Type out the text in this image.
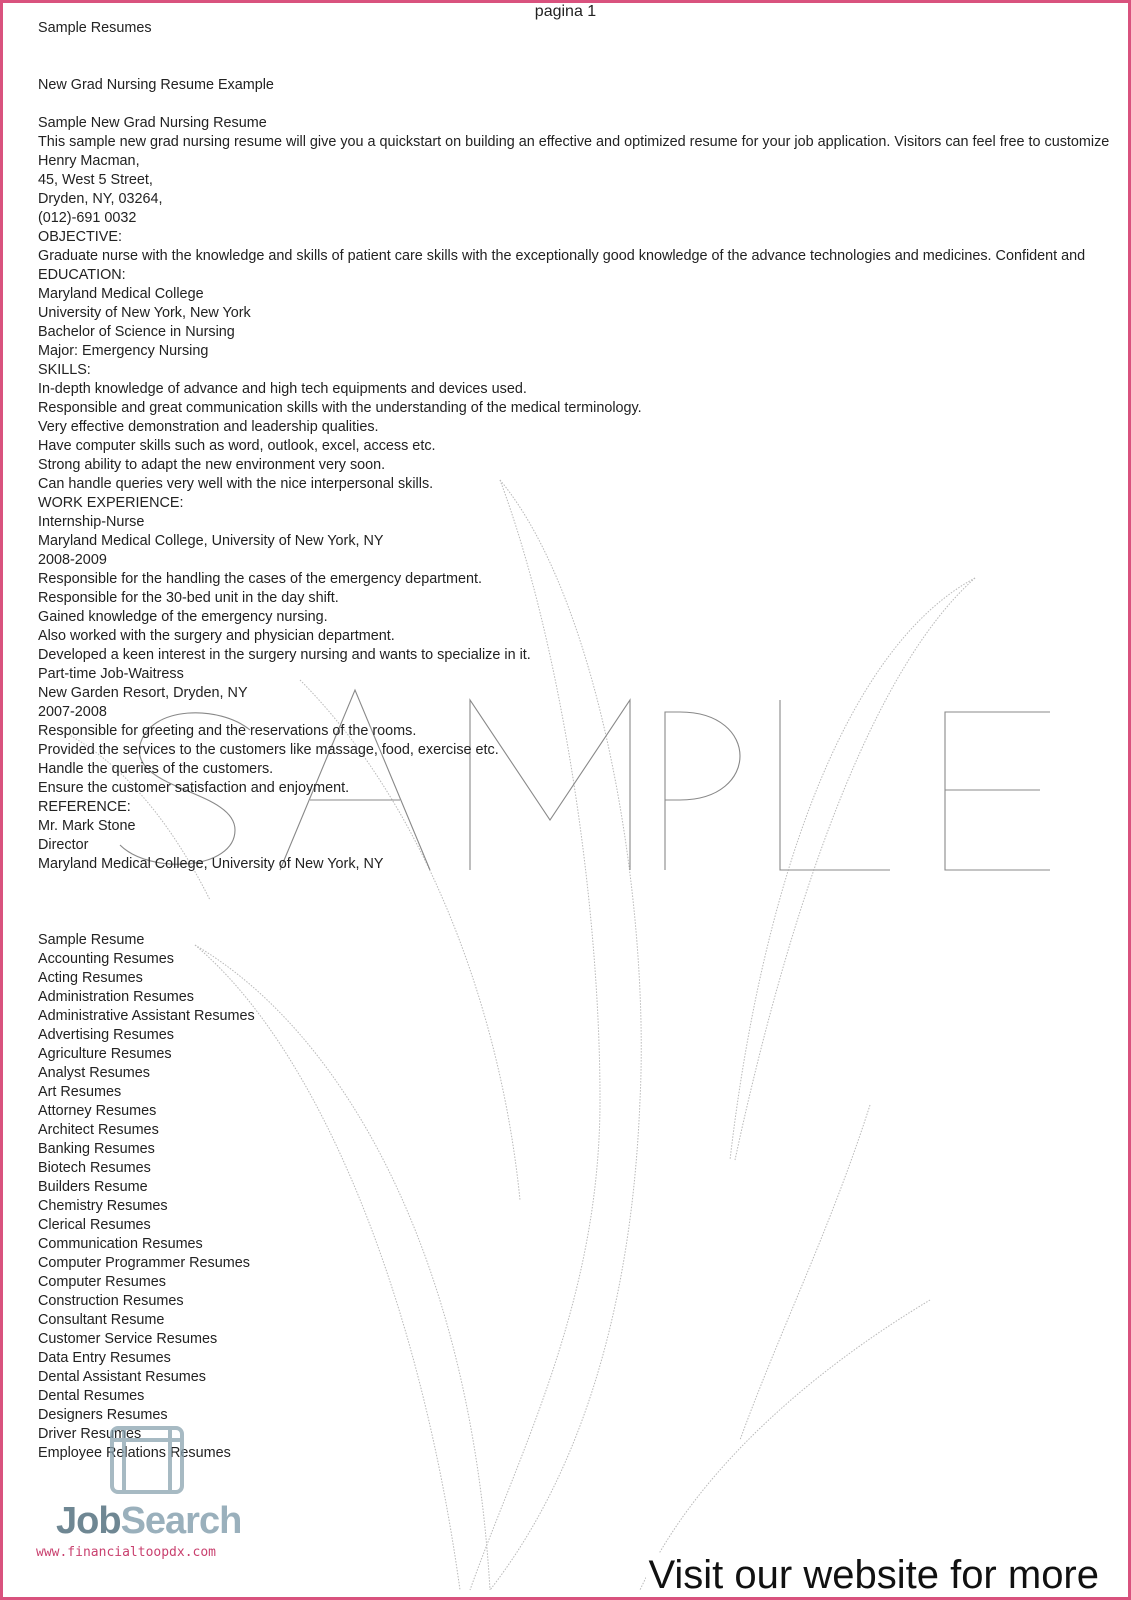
pagina 1
Sample Resumes
New Grad Nursing Resume Example
Sample New Grad Nursing Resume
This sample new grad nursing resume will give you a quickstart on building an effective and optimized resume for your job application. Visitors can feel free to customize
Henry Macman,
45, West 5 Street,
Dryden, NY, 03264,
(012)-691 0032
OBJECTIVE:
Graduate nurse with the knowledge and skills of patient care skills with the exceptionally good knowledge of the advance technologies and medicines. Confident and
EDUCATION:
Maryland Medical College
University of New York, New York
Bachelor of Science in Nursing
Major: Emergency Nursing
SKILLS:
In-depth knowledge of advance and high tech equipments and devices used.
Responsible and great communication skills with the understanding of the medical terminology.
Very effective demonstration and leadership qualities.
Have computer skills such as word, outlook, excel, access etc.
Strong ability to adapt the new environment very soon.
Can handle queries very well with the nice interpersonal skills.
WORK EXPERIENCE:
Internship-Nurse
Maryland Medical College, University of New York, NY
2008-2009
Responsible for the handling the cases of the emergency department.
Responsible for the 30-bed unit in the day shift.
Gained knowledge of the emergency nursing.
Also worked with the surgery and physician department.
Developed a keen interest in the surgery nursing and wants to specialize in it.
Part-time Job-Waitress
New Garden Resort, Dryden, NY
2007-2008
Responsible for greeting and the reservations of the rooms.
Provided the services to the customers like massage, food, exercise etc.
Handle the queries of the customers.
Ensure the customer satisfaction and enjoyment.
REFERENCE:
Mr. Mark Stone
Director
Maryland Medical College, University of New York, NY
Sample Resume
Accounting Resumes
Acting Resumes
Administration Resumes
Administrative Assistant Resumes
Advertising Resumes
Agriculture Resumes
Analyst Resumes
Art Resumes
Attorney Resumes
Architect Resumes
Banking Resumes
Biotech Resumes
Builders Resume
Chemistry Resumes
Clerical Resumes
Communication Resumes
Computer Programmer Resumes
Computer Resumes
Construction Resumes
Consultant Resume
Customer Service Resumes
Data Entry Resumes
Dental Assistant Resumes
Dental Resumes
Designers Resumes
Driver Resumes
Employee Relations Resumes
JobSearch
www.financialtoopdx.com
Visit our website for more
